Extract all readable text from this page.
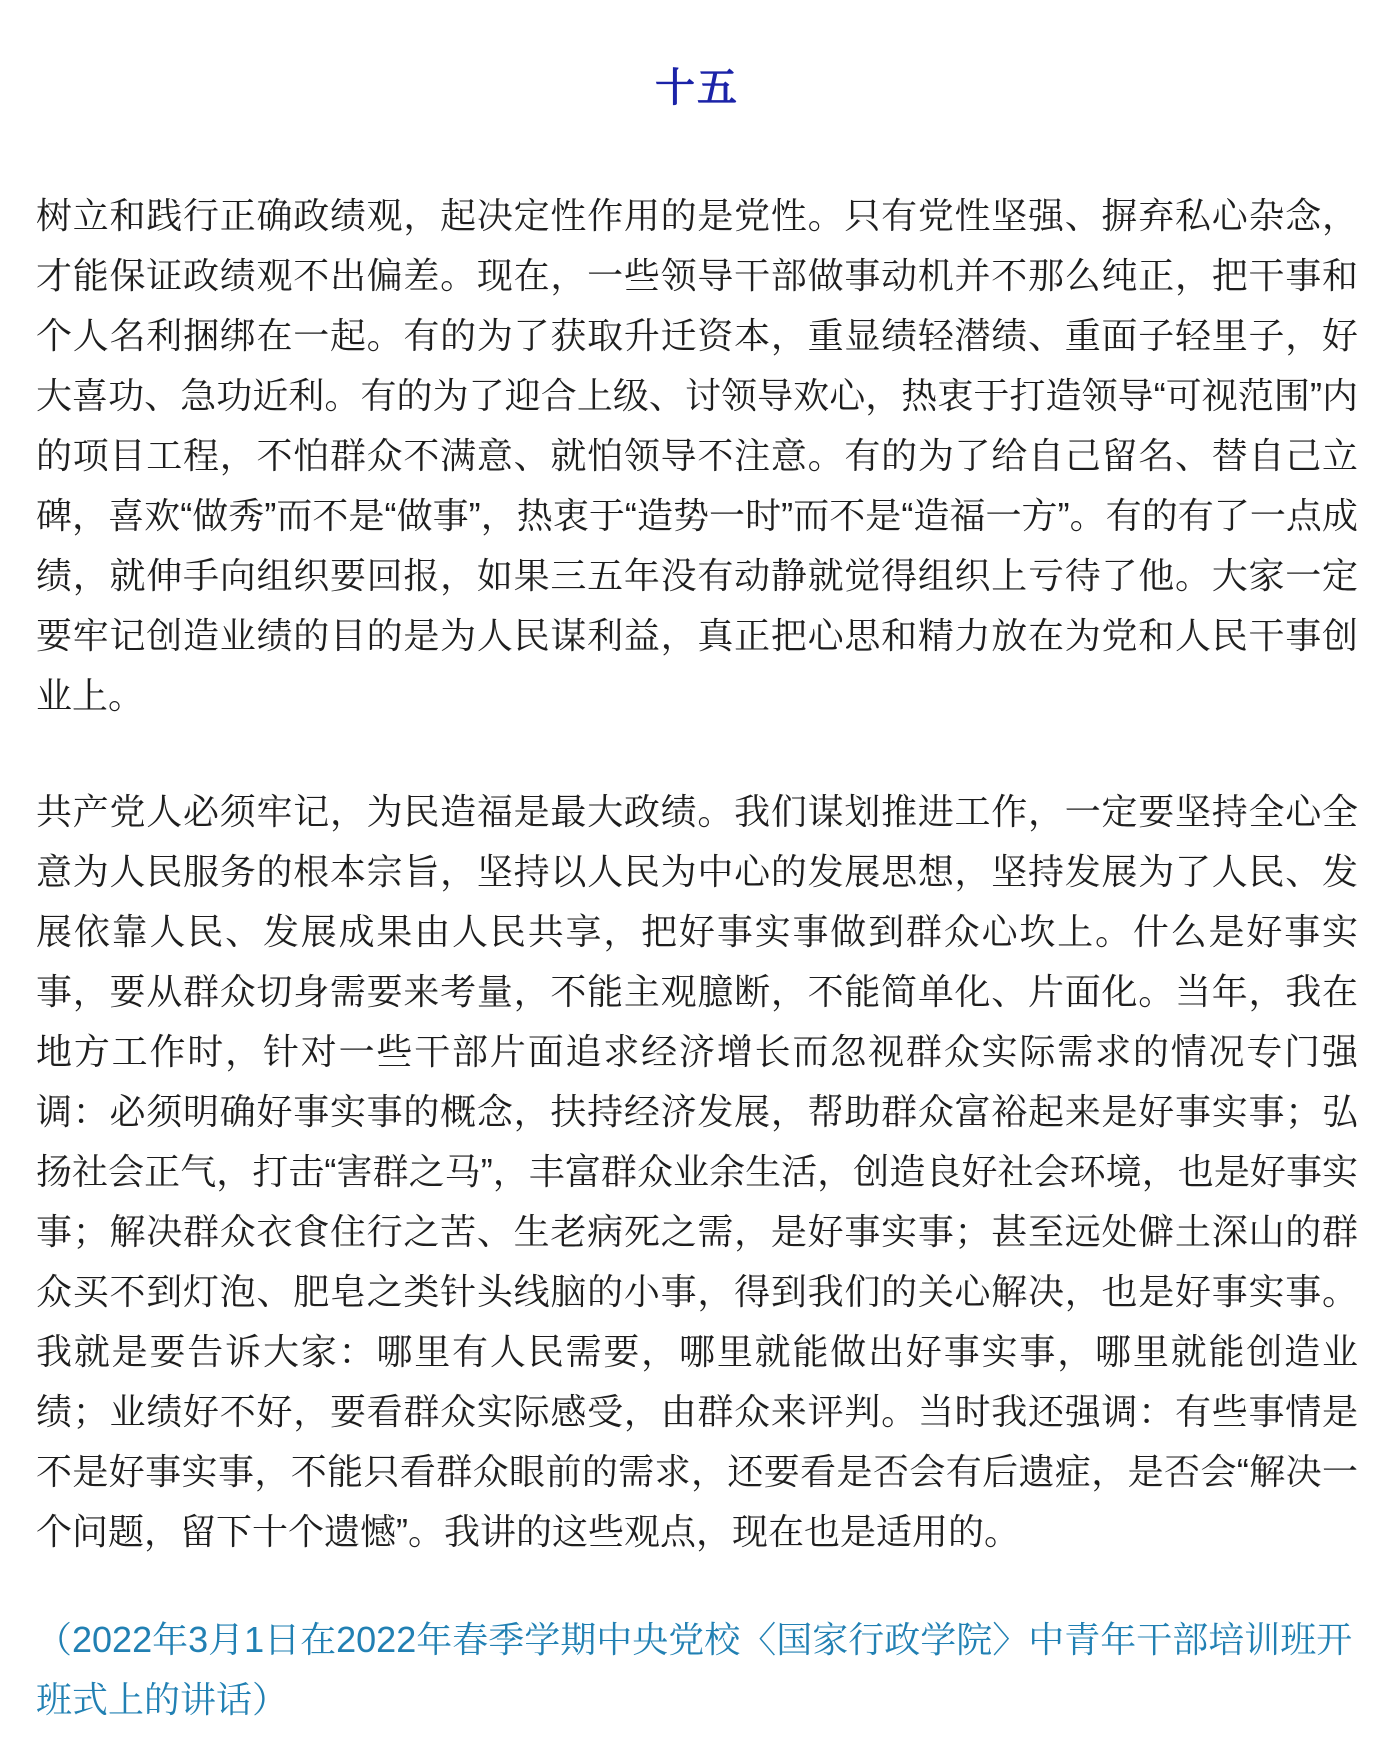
十五

树立和践行正确政绩观，起决定性作用的是党性。只有党性坚强、摒弃私心杂念，才能保证政绩观不出偏差。现在，一些领导干部做事动机并不那么纯正，把干事和个人名利捆绑在一起。有的为了获取升迁资本，重显绩轻潜绩、重面子轻里子，好大喜功、急功近利。有的为了迎合上级、讨领导欢心，热衷于打造领导“可视范围”内的项目工程，不怕群众不满意、就怕领导不注意。有的为了给自己留名、替自己立碑，喜欢“做秀”而不是“做事”，热衷于“造势一时”而不是“造福一方”。有的有了一点成绩，就伸手向组织要回报，如果三五年没有动静就觉得组织上亏待了他。大家一定要牢记创造业绩的目的是为人民谋利益，真正把心思和精力放在为党和人民干事创业上。

共产党人必须牢记，为民造福是最大政绩。我们谋划推进工作，一定要坚持全心全意为人民服务的根本宗旨，坚持以人民为中心的发展思想，坚持发展为了人民、发展依靠人民、发展成果由人民共享，把好事实事做到群众心坎上。什么是好事实事，要从群众切身需要来考量，不能主观臆断，不能简单化、片面化。当年，我在地方工作时，针对一些干部片面追求经济增长而忽视群众实际需求的情况专门强调：必须明确好事实事的概念，扶持经济发展，帮助群众富裕起来是好事实事；弘扬社会正气，打击“害群之马”，丰富群众业余生活，创造良好社会环境，也是好事实事；解决群众衣食住行之苦、生老病死之需，是好事实事；甚至远处僻土深山的群众买不到灯泡、肥皂之类针头线脑的小事，得到我们的关心解决，也是好事实事。我就是要告诉大家：哪里有人民需要，哪里就能做出好事实事，哪里就能创造业绩；业绩好不好，要看群众实际感受，由群众来评判。当时我还强调：有些事情是不是好事实事，不能只看群众眼前的需求，还要看是否会有后遗症，是否会“解决一个问题，留下十个遗憾”。我讲的这些观点，现在也是适用的。

（2022年3月1日在2022年春季学期中央党校〈国家行政学院〉中青年干部培训班开班式上的讲话）
